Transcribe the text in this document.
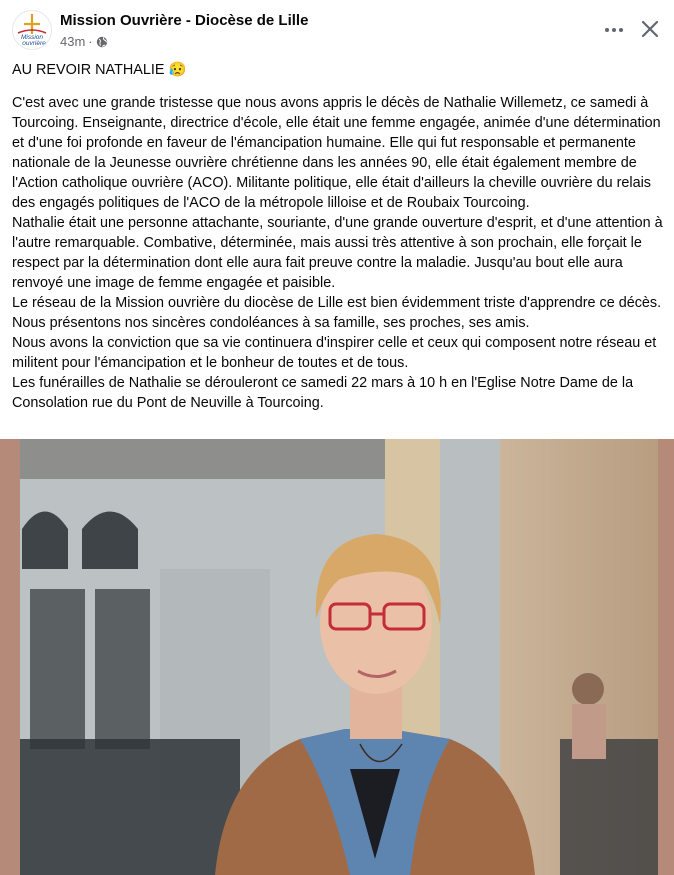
Mission
ouvrière
Mission Ouvrière - Diocèse de Lille
43m ·

AU REVOIR NATHALIE 😥

C'est avec une grande tristesse que nous avons appris le décès de Nathalie Willemetz, ce samedi à Tourcoing. Enseignante, directrice d'école, elle était une femme engagée, animée d'une détermination et d'une foi profonde en faveur de l'émancipation humaine. Elle qui fut responsable et permanente nationale de la Jeunesse ouvrière chrétienne dans les années 90, elle était également membre de l'Action catholique ouvrière (ACO). Militante politique, elle était d'ailleurs la cheville ouvrière du relais des engagés politiques de l'ACO de la métropole lilloise et de Roubaix Tourcoing.

Nathalie était une personne attachante, souriante, d'une grande ouverture d'esprit, et d'une attention à l'autre remarquable. Combative, déterminée, mais aussi très attentive à son prochain, elle forçait le respect par la détermination dont elle aura fait preuve contre la maladie. Jusqu'au bout elle aura renvoyé une image de femme engagée et paisible.

Le réseau de la Mission ouvrière du diocèse de Lille est bien évidemment triste d'apprendre ce décès. Nous présentons nos sincères condoléances à sa famille, ses proches, ses amis.

Nous avons la conviction que sa vie continuera d'inspirer celle et ceux qui composent notre réseau et militent pour l'émancipation et le bonheur de toutes et de tous.

Les funérailles de Nathalie se dérouleront ce samedi 22 mars à 10 h en l'Eglise Notre Dame de la Consolation rue du Pont de Neuville à Tourcoing.
